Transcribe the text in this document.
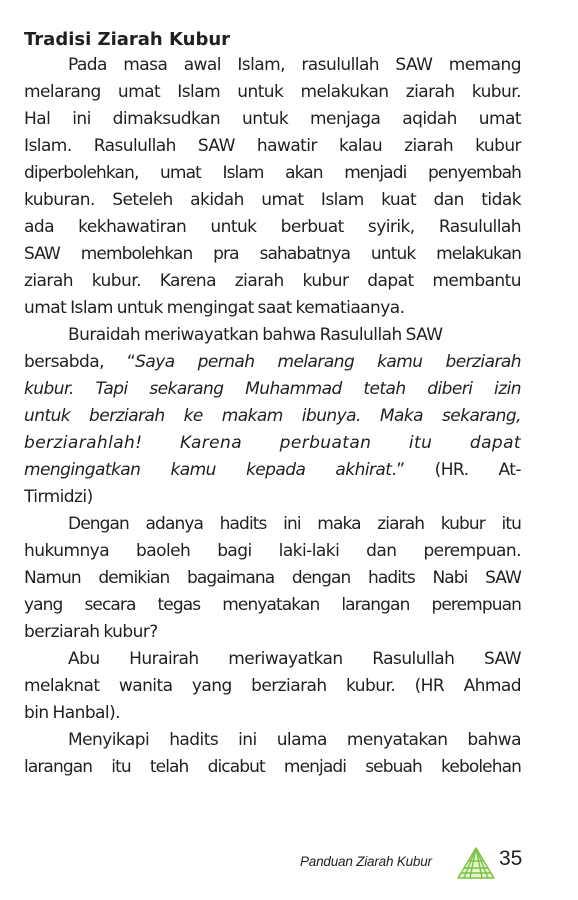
Tradisi Ziarah Kubur
Pada masa awal Islam, rasulullah SAW memang
melarang umat Islam untuk melakukan ziarah kubur.
Hal ini dimaksudkan untuk menjaga aqidah umat
Islam. Rasulullah SAW hawatir kalau ziarah kubur
diperbolehkan, umat Islam akan menjadi penyembah
kuburan. Seteleh akidah umat Islam kuat dan tidak
ada kekhawatiran untuk berbuat syirik, Rasulullah
SAW membolehkan pra sahabatnya untuk melakukan
ziarah kubur. Karena ziarah kubur dapat membantu
umat Islam untuk mengingat saat kematiaanya.
Buraidah meriwayatkan bahwa Rasulullah SAW
bersabda, “Saya pernah melarang kamu berziarah
kubur. Tapi sekarang Muhammad tetah diberi izin
untuk berziarah ke makam ibunya. Maka sekarang,
berziarahlah! Karena perbuatan itu dapat
mengingatkan kamu kepada akhirat.” (HR. At-
Tirmidzi)
Dengan adanya hadits ini maka ziarah kubur itu
hukumnya baoleh bagi laki-laki dan perempuan.
Namun demikian bagaimana dengan hadits Nabi SAW
yang secara tegas menyatakan larangan perempuan
berziarah kubur?
Abu Hurairah meriwayatkan Rasulullah SAW
melaknat wanita yang berziarah kubur. (HR Ahmad
bin Hanbal).
Menyikapi hadits ini ulama menyatakan bahwa
larangan itu telah dicabut menjadi sebuah kebolehan
Panduan Ziarah Kubur	35
